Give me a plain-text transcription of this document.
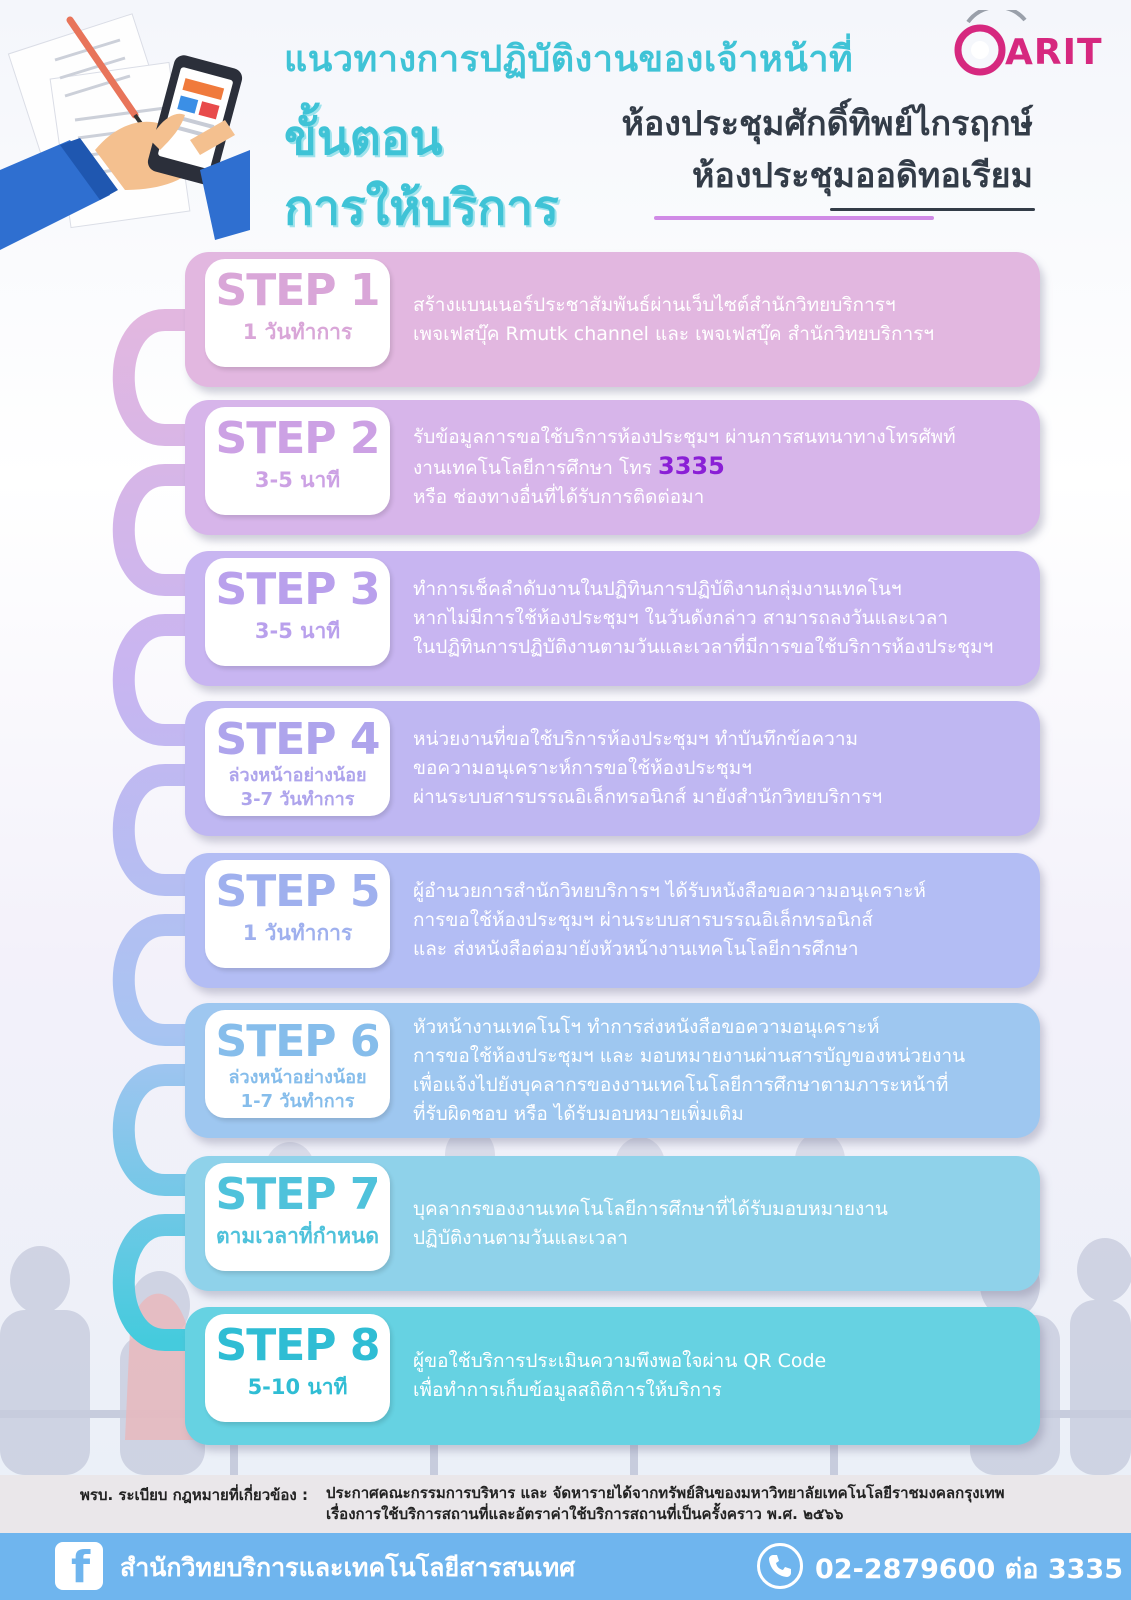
แนวทางการปฏิบัติงานของเจ้าหน้าที่	ARIT
ขั้นตอน
การให้บริการ
ห้องประชุมศักดิ์ทิพย์ไกรฤกษ์
ห้องประชุมออดิทอเรียม
STEP 1
1 วันทำการ
สร้างแบนเนอร์ประชาสัมพันธ์ผ่านเว็บไซต์สำนักวิทยบริการฯ
เพจเฟสบุ๊ค Rmutk channel และ เพจเฟสบุ๊ค สำนักวิทยบริการฯ
STEP 2
3-5 นาที
รับข้อมูลการขอใช้บริการห้องประชุมฯ ผ่านการสนทนาทางโทรศัพท์
งานเทคโนโลยีการศึกษา โทร 3335
หรือ ช่องทางอื่นที่ได้รับการติดต่อมา
STEP 3
3-5 นาที
ทำการเช็คลำดับงานในปฏิทินการปฏิบัติงานกลุ่มงานเทคโนฯ
หากไม่มีการใช้ห้องประชุมฯ ในวันดังกล่าว สามารถลงวันและเวลา
ในปฏิทินการปฏิบัติงานตามวันและเวลาที่มีการขอใช้บริการห้องประชุมฯ
STEP 4
ล่วงหน้าอย่างน้อย
3-7 วันทำการ
หน่วยงานที่ขอใช้บริการห้องประชุมฯ ทำบันทึกข้อความ
ขอความอนุเคราะห์การขอใช้ห้องประชุมฯ
ผ่านระบบสารบรรณอิเล็กทรอนิกส์ มายังสำนักวิทยบริการฯ
STEP 5
1 วันทำการ
ผู้อำนวยการสำนักวิทยบริการฯ ได้รับหนังสือขอความอนุเคราะห์
การขอใช้ห้องประชุมฯ ผ่านระบบสารบรรณอิเล็กทรอนิกส์
และ ส่งหนังสือต่อมายังหัวหน้างานเทคโนโลยีการศึกษา
STEP 6
ล่วงหน้าอย่างน้อย
1-7 วันทำการ
หัวหน้างานเทคโนโฯ ทำการส่งหนังสือขอความอนุเคราะห์
การขอใช้ห้องประชุมฯ และ มอบหมายงานผ่านสารบัญของหน่วยงาน
เพื่อแจ้งไปยังบุคลากรของงานเทคโนโลยีการศึกษาตามภาระหน้าที่
ที่รับผิดชอบ หรือ ได้รับมอบหมายเพิ่มเติม
STEP 7
ตามเวลาที่กำหนด
บุคลากรของงานเทคโนโลยีการศึกษาที่ได้รับมอบหมายงาน
ปฏิบัติงานตามวันและเวลา
STEP 8
5-10 นาที
ผู้ขอใช้บริการประเมินความพึงพอใจผ่าน QR Code
เพื่อทำการเก็บข้อมูลสถิติการให้บริการ
พรบ. ระเบียบ กฎหมายที่เกี่ยวข้อง : ประกาศคณะกรรมการบริหาร และ จัดหารายได้จากทรัพย์สินของมหาวิทยาลัยเทคโนโลยีราชมงคลกรุงเทพ
เรื่องการใช้บริการสถานที่และอัตราค่าใช้บริการสถานที่เป็นครั้งคราว พ.ศ. ๒๕๖๖
f สำนักวิทยบริการและเทคโนโลยีสารสนเทศ	02-2879600 ต่อ 3335
